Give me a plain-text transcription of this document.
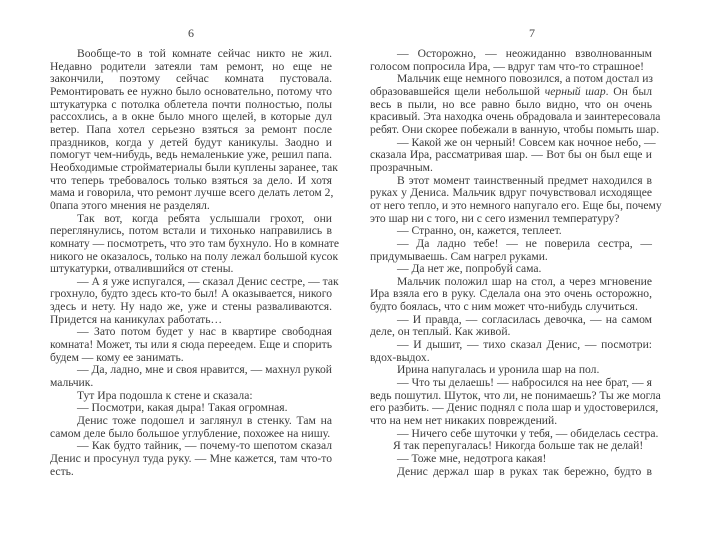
6
Вообще-то в той комнате сейчас никто не жил.
Недавно родители затеяли там ремонт, но еще не
закончили, поэтому сейчас комната пустовала.
Ремонтировать ее нужно было основательно, потому что
штукатурка с потолка облетела почти полностью, полы
рассохлись, а в окне было много щелей, в которые дул
ветер. Папа хотел серьезно взяться за ремонт после
праздников, когда у детей будут каникулы. Заодно и
помогут чем-нибудь, ведь немаленькие уже, решил папа.
Необходимые стройматериалы были куплены заранее, так
что теперь требовалось только взяться за дело. И хотя
мама и говорила, что ремонт лучше всего делать летом 2,
0папа этого мнения не разделял.
Так вот, когда ребята услышали грохот, они
переглянулись, потом встали и тихонько направились в
комнату — посмотреть, что это там бухнуло. Но в комнате
никого не оказалось, только на полу лежал большой кусок
штукатурки, отвалившийся от стены.
— А я уже испугался, — сказал Денис сестре, — так
грохнуло, будто здесь кто-то был! А оказывается, никого
здесь и нету. Ну надо же, уже и стены разваливаются.
Придется на каникулах работать…
— Зато потом будет у нас в квартире свободная
комната! Может, ты или я сюда переедем. Еще и спорить
будем — кому ее занимать.
— Да, ладно, мне и своя нравится, — махнул рукой
мальчик.
Тут Ира подошла к стене и сказала:
— Посмотри, какая дыра! Такая огромная.
Денис тоже подошел и заглянул в стенку. Там на
самом деле было большое углубление, похожее на нишу.
— Как будто тайник, — почему-то шепотом сказал
Денис и просунул туда руку. — Мне кажется, там что-то
есть.
7
— Осторожно, — неожиданно взволнованным
голосом попросила Ира, — вдруг там что-то страшное!
Мальчик еще немного повозился, а потом достал из
образовавшейся щели небольшой черный шар. Он был
весь в пыли, но все равно было видно, что он очень
красивый. Эта находка очень обрадовала и заинтересовала
ребят. Они скорее побежали в ванную, чтобы помыть шар.
— Какой же он черный! Совсем как ночное небо, —
сказала Ира, рассматривая шар. — Вот бы он был еще и
прозрачным.
В этот момент таинственный предмет находился в
руках у Дениса. Мальчик вдруг почувствовал исходящее
от него тепло, и это немного напугало его. Еще бы, почему
это шар ни с того, ни с сего изменил температуру?
— Странно, он, кажется, теплеет.
— Да ладно тебе! — не поверила сестра, —
придумываешь. Сам нагрел руками.
— Да нет же, попробуй сама.
Мальчик положил шар на стол, а через мгновение
Ира взяла его в руку. Сделала она это очень осторожно,
будто боялась, что с ним может что-нибудь случиться.
— И правда, — согласилась девочка, — на самом
деле, он теплый. Как живой.
— И дышит, — тихо сказал Денис, — посмотри:
вдох-выдох.
Ирина напугалась и уронила шар на пол.
— Что ты делаешь! — набросился на нее брат, — я
ведь пошутил. Шуток, что ли, не понимаешь? Ты же могла
его разбить. — Денис поднял с пола шар и удостоверился,
что на нем нет никаких повреждений.
— Ничего себе шуточки у тебя, — обиделась сестра.
Я так перепугалась! Никогда больше так не делай!
— Тоже мне, недотрога какая!
Денис держал шар в руках так бережно, будто в
